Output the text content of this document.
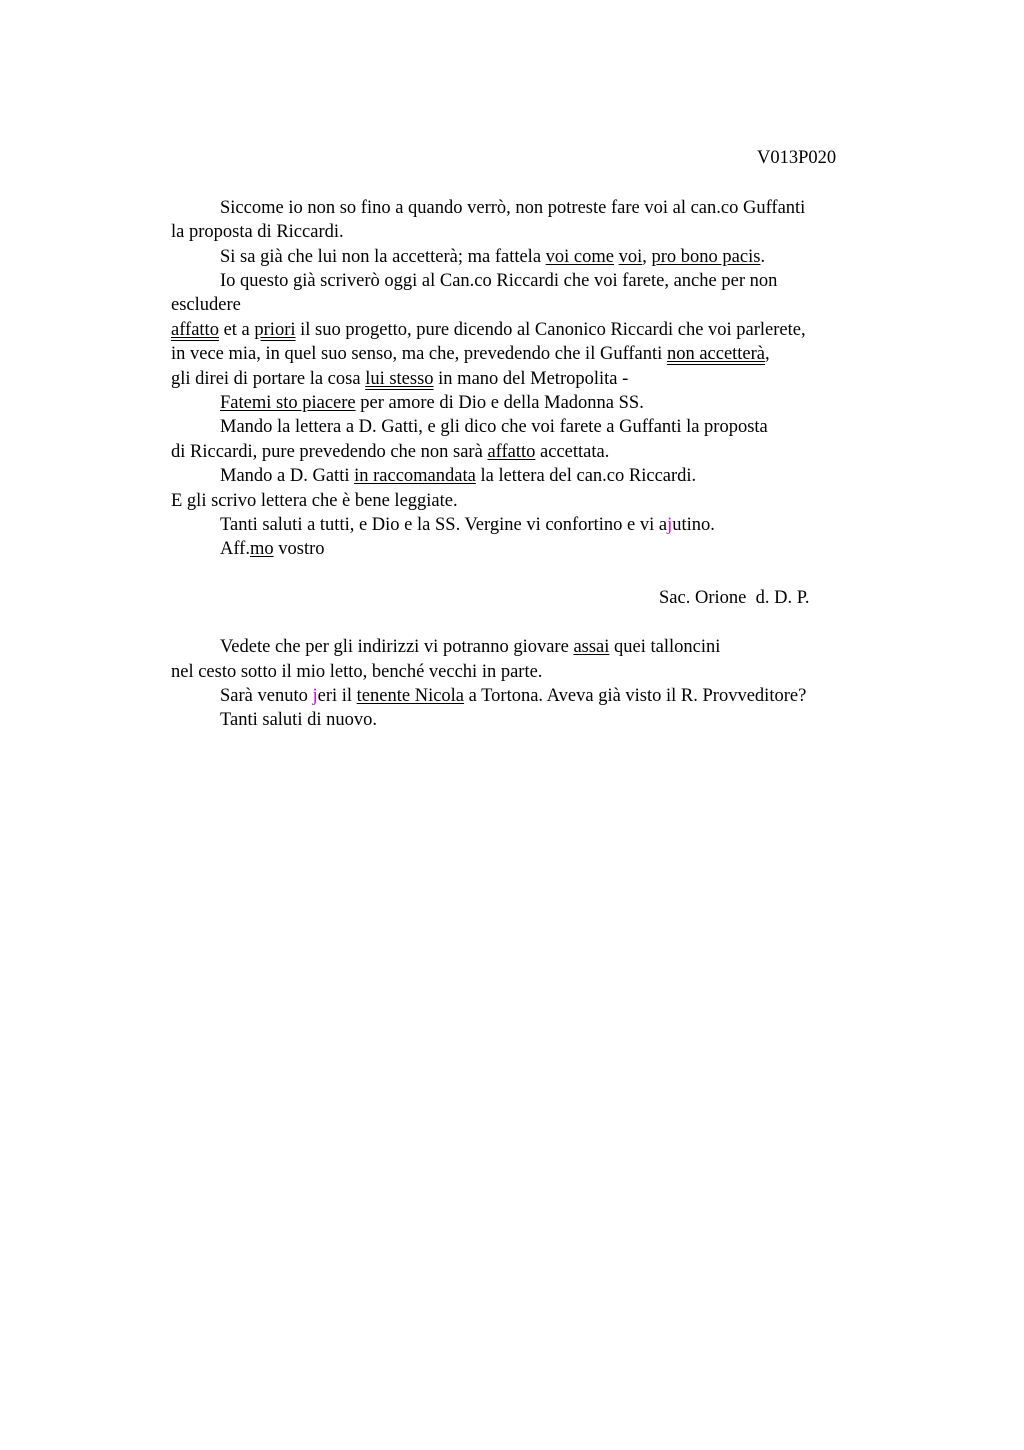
V013P020
Siccome io non so fino a quando verrò, non potreste fare voi al can.co Guffanti
la proposta di Riccardi.
Si sa già che lui non la accetterà; ma fattela voi come voi, pro bono pacis.
Io questo già scriverò oggi al Can.co Riccardi che voi farete, anche per non
escludere
affatto et a priori il suo progetto, pure dicendo al Canonico Riccardi che voi parlerete,
in vece mia, in quel suo senso, ma che, prevedendo che il Guffanti non accetterà,
gli direi di portare la cosa lui stesso in mano del Metropolita -
Fatemi sto piacere per amore di Dio e della Madonna SS.
Mando la lettera a D. Gatti, e gli dico che voi farete a Guffanti la proposta
di Riccardi, pure prevedendo che non sarà affatto accettata.
Mando a D. Gatti in raccomandata la lettera del can.co Riccardi.
E gli scrivo lettera che è bene leggiate.
Tanti saluti a tutti, e Dio e la SS. Vergine vi confortino e vi ajutino.
Aff.mo vostro
Sac. Orione  d. D. P.
Vedete che per gli indirizzi vi potranno giovare assai quei talloncini
nel cesto sotto il mio letto, benché vecchi in parte.
Sarà venuto jeri il tenente Nicola a Tortona. Aveva già visto il R. Provveditore?
Tanti saluti di nuovo.
